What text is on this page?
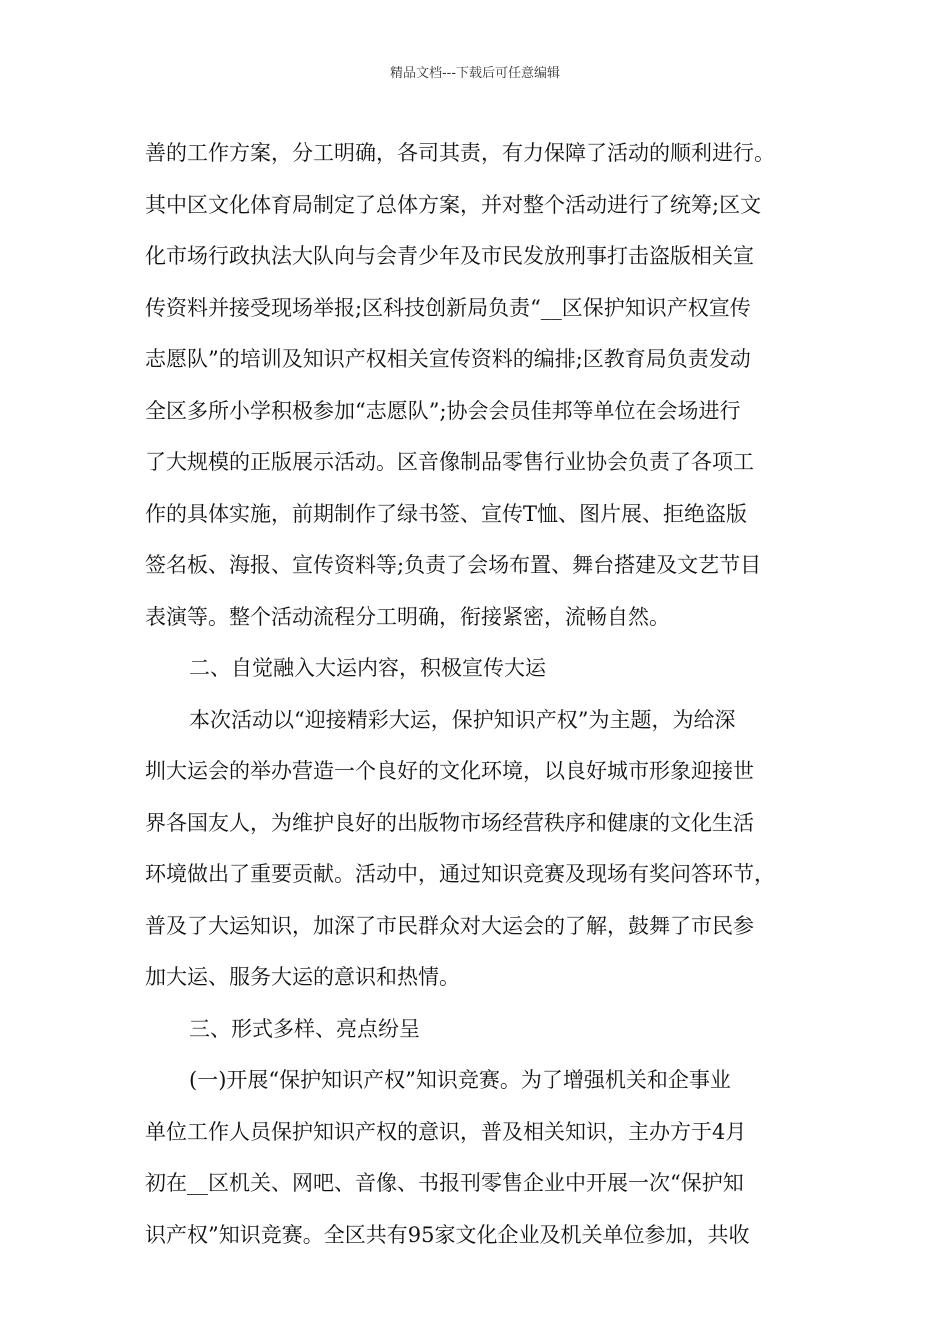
精品文档---下载后可任意编辑
善的工作方案，分工明确，各司其责，有力保障了活动的顺利进行。
其中区文化体育局制定了总体方案，并对整个活动进行了统筹;区文
化市场行政执法大队向与会青少年及市民发放刑事打击盗版相关宣
传资料并接受现场举报;区科技创新局负责“__区保护知识产权宣传
志愿队”的培训及知识产权相关宣传资料的编排;区教育局负责发动
全区多所小学积极参加“志愿队”;协会会员佳邦等单位在会场进行
了大规模的正版展示活动。区音像制品零售行业协会负责了各项工
作的具体实施，前期制作了绿书签、宣传T恤、图片展、拒绝盗版
签名板、海报、宣传资料等;负责了会场布置、舞台搭建及文艺节目
表演等。整个活动流程分工明确，衔接紧密，流畅自然。
二、自觉融入大运内容，积极宣传大运
本次活动以“迎接精彩大运，保护知识产权”为主题，为给深
圳大运会的举办营造一个良好的文化环境，以良好城市形象迎接世
界各国友人，为维护良好的出版物市场经营秩序和健康的文化生活
环境做出了重要贡献。活动中，通过知识竞赛及现场有奖问答环节，
普及了大运知识，加深了市民群众对大运会的了解，鼓舞了市民参
加大运、服务大运的意识和热情。
三、形式多样、亮点纷呈
(一)开展“保护知识产权”知识竞赛。为了增强机关和企事业
单位工作人员保护知识产权的意识，普及相关知识，主办方于4月
初在__区机关、网吧、音像、书报刊零售企业中开展一次“保护知
识产权”知识竞赛。全区共有95家文化企业及机关单位参加，共收
